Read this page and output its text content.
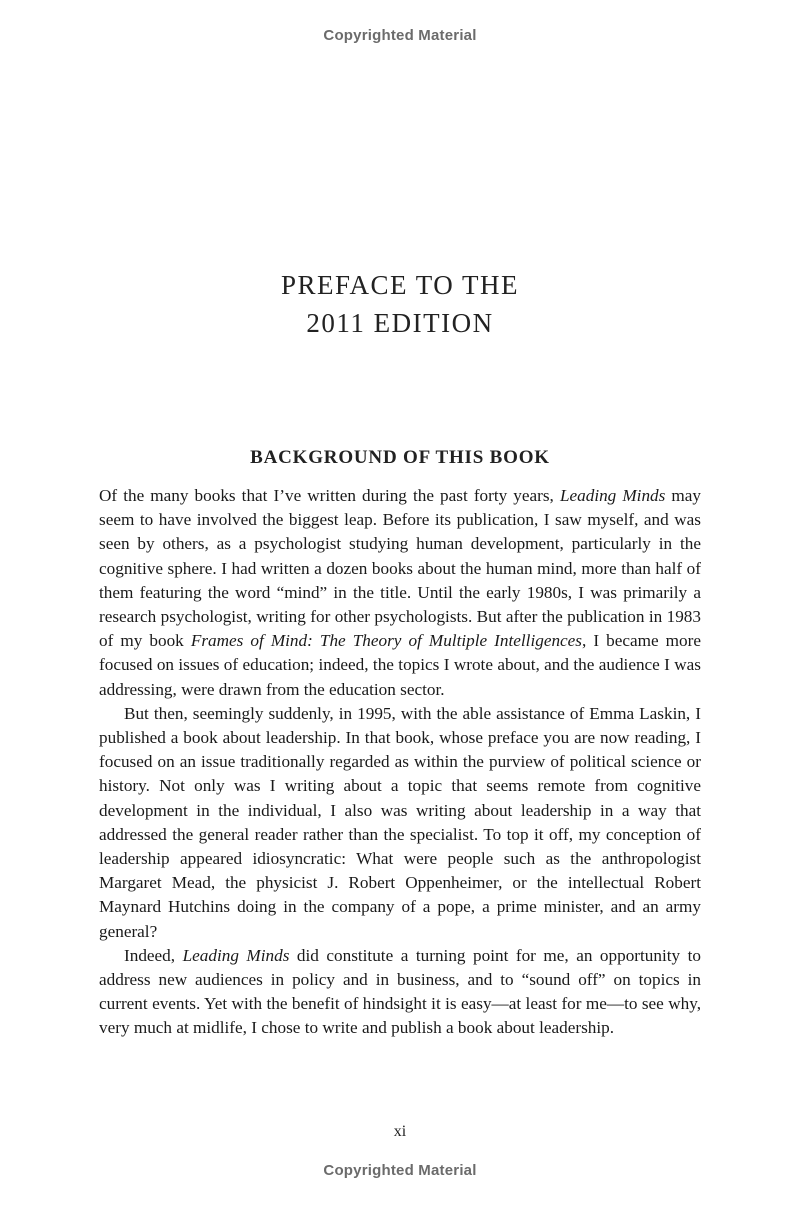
Copyrighted Material
PREFACE TO THE
2011 EDITION
BACKGROUND OF THIS BOOK

Of the many books that I’ve written during the past forty years, Leading Minds may seem to have involved the biggest leap. Before its publication, I saw myself, and was seen by others, as a psychologist studying human development, particularly in the cognitive sphere. I had written a dozen books about the human mind, more than half of them featuring the word “mind” in the title. Until the early 1980s, I was primarily a research psychologist, writing for other psychologists. But after the publication in 1983 of my book Frames of Mind: The Theory of Multiple Intelligences, I became more focused on issues of education; indeed, the topics I wrote about, and the audience I was addressing, were drawn from the education sector.

But then, seemingly suddenly, in 1995, with the able assistance of Emma Laskin, I published a book about leadership. In that book, whose preface you are now reading, I focused on an issue traditionally regarded as within the purview of political science or history. Not only was I writing about a topic that seems remote from cognitive development in the individual, I also was writing about leadership in a way that addressed the general reader rather than the specialist. To top it off, my conception of leadership appeared idiosyncratic: What were people such as the anthropologist Margaret Mead, the physicist J. Robert Oppenheimer, or the intellectual Robert Maynard Hutchins doing in the company of a pope, a prime minister, and an army general?

Indeed, Leading Minds did constitute a turning point for me, an opportunity to address new audiences in policy and in business, and to “sound off” on topics in current events. Yet with the benefit of hindsight it is easy—at least for me—to see why, very much at midlife, I chose to write and publish a book about leadership.

xi
Copyrighted Material
